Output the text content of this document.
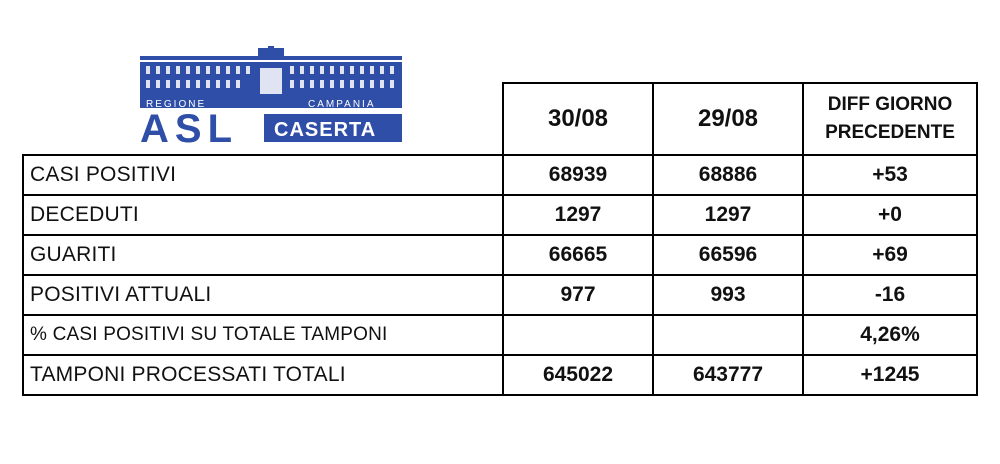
REGIONE	CAMPANIA
ASL CASERTA
		30/08	29/08	DIFF GIORNO
PRECEDENTE
CASI POSITIVI	68939	68886	+53
DECEDUTI	1297	1297	+0
GUARITI	66665	66596	+69
POSITIVI ATTUALI	977	993	-16
% CASI POSITIVI SU TOTALE TAMPONI			4,26%
TAMPONI PROCESSATI TOTALI	645022	643777	+1245
